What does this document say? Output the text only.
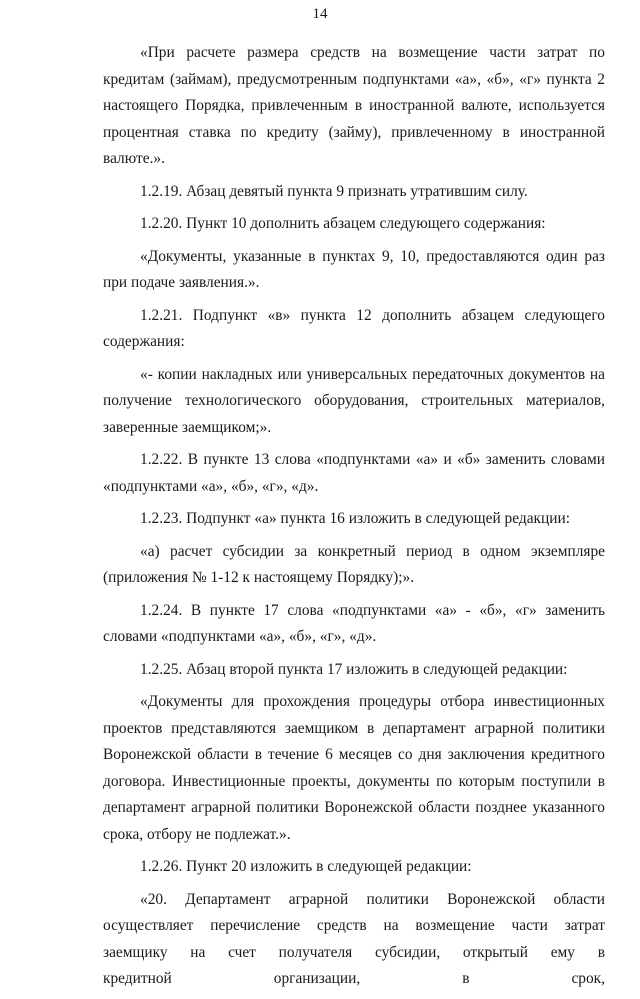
14

«При расчете размера средств на возмещение части затрат по кредитам (займам), предусмотренным подпунктами «а», «б», «г» пункта 2 настоящего Порядка, привлеченным в иностранной валюте, используется процентная ставка по кредиту (займу), привлеченному в иностранной валюте.».

1.2.19. Абзац девятый пункта 9 признать утратившим силу.

1.2.20. Пункт 10 дополнить абзацем следующего содержания:

«Документы, указанные в пунктах 9, 10, предоставляются один раз при подаче заявления.».

1.2.21. Подпункт «в» пункта 12 дополнить абзацем следующего содержания:

«- копии накладных или универсальных передаточных документов на получение технологического оборудования, строительных материалов, заверенные заемщиком;».

1.2.22. В пункте 13 слова «подпунктами «а» и «б» заменить словами «подпунктами «а», «б», «г», «д».

1.2.23. Подпункт «а» пункта 16 изложить в следующей редакции:

«а) расчет субсидии за конкретный период в одном экземпляре (приложения № 1-12 к настоящему Порядку);».

1.2.24. В пункте 17 слова «подпунктами «а» - «б», «г» заменить словами «подпунктами «а», «б», «г», «д».

1.2.25. Абзац второй пункта 17 изложить в следующей редакции:

«Документы для прохождения процедуры отбора инвестиционных проектов представляются заемщиком в департамент аграрной политики Воронежской области в течение 6 месяцев со дня заключения кредитного договора. Инвестиционные проекты, документы по которым поступили в департамент аграрной политики Воронежской области позднее указанного срока, отбору не подлежат.».

1.2.26. Пункт 20 изложить в следующей редакции:

«20. Департамент аграрной политики Воронежской области осуществляет перечисление средств на возмещение части затрат заемщику на счет получателя субсидии, открытый ему в кредитной организации, в срок,
